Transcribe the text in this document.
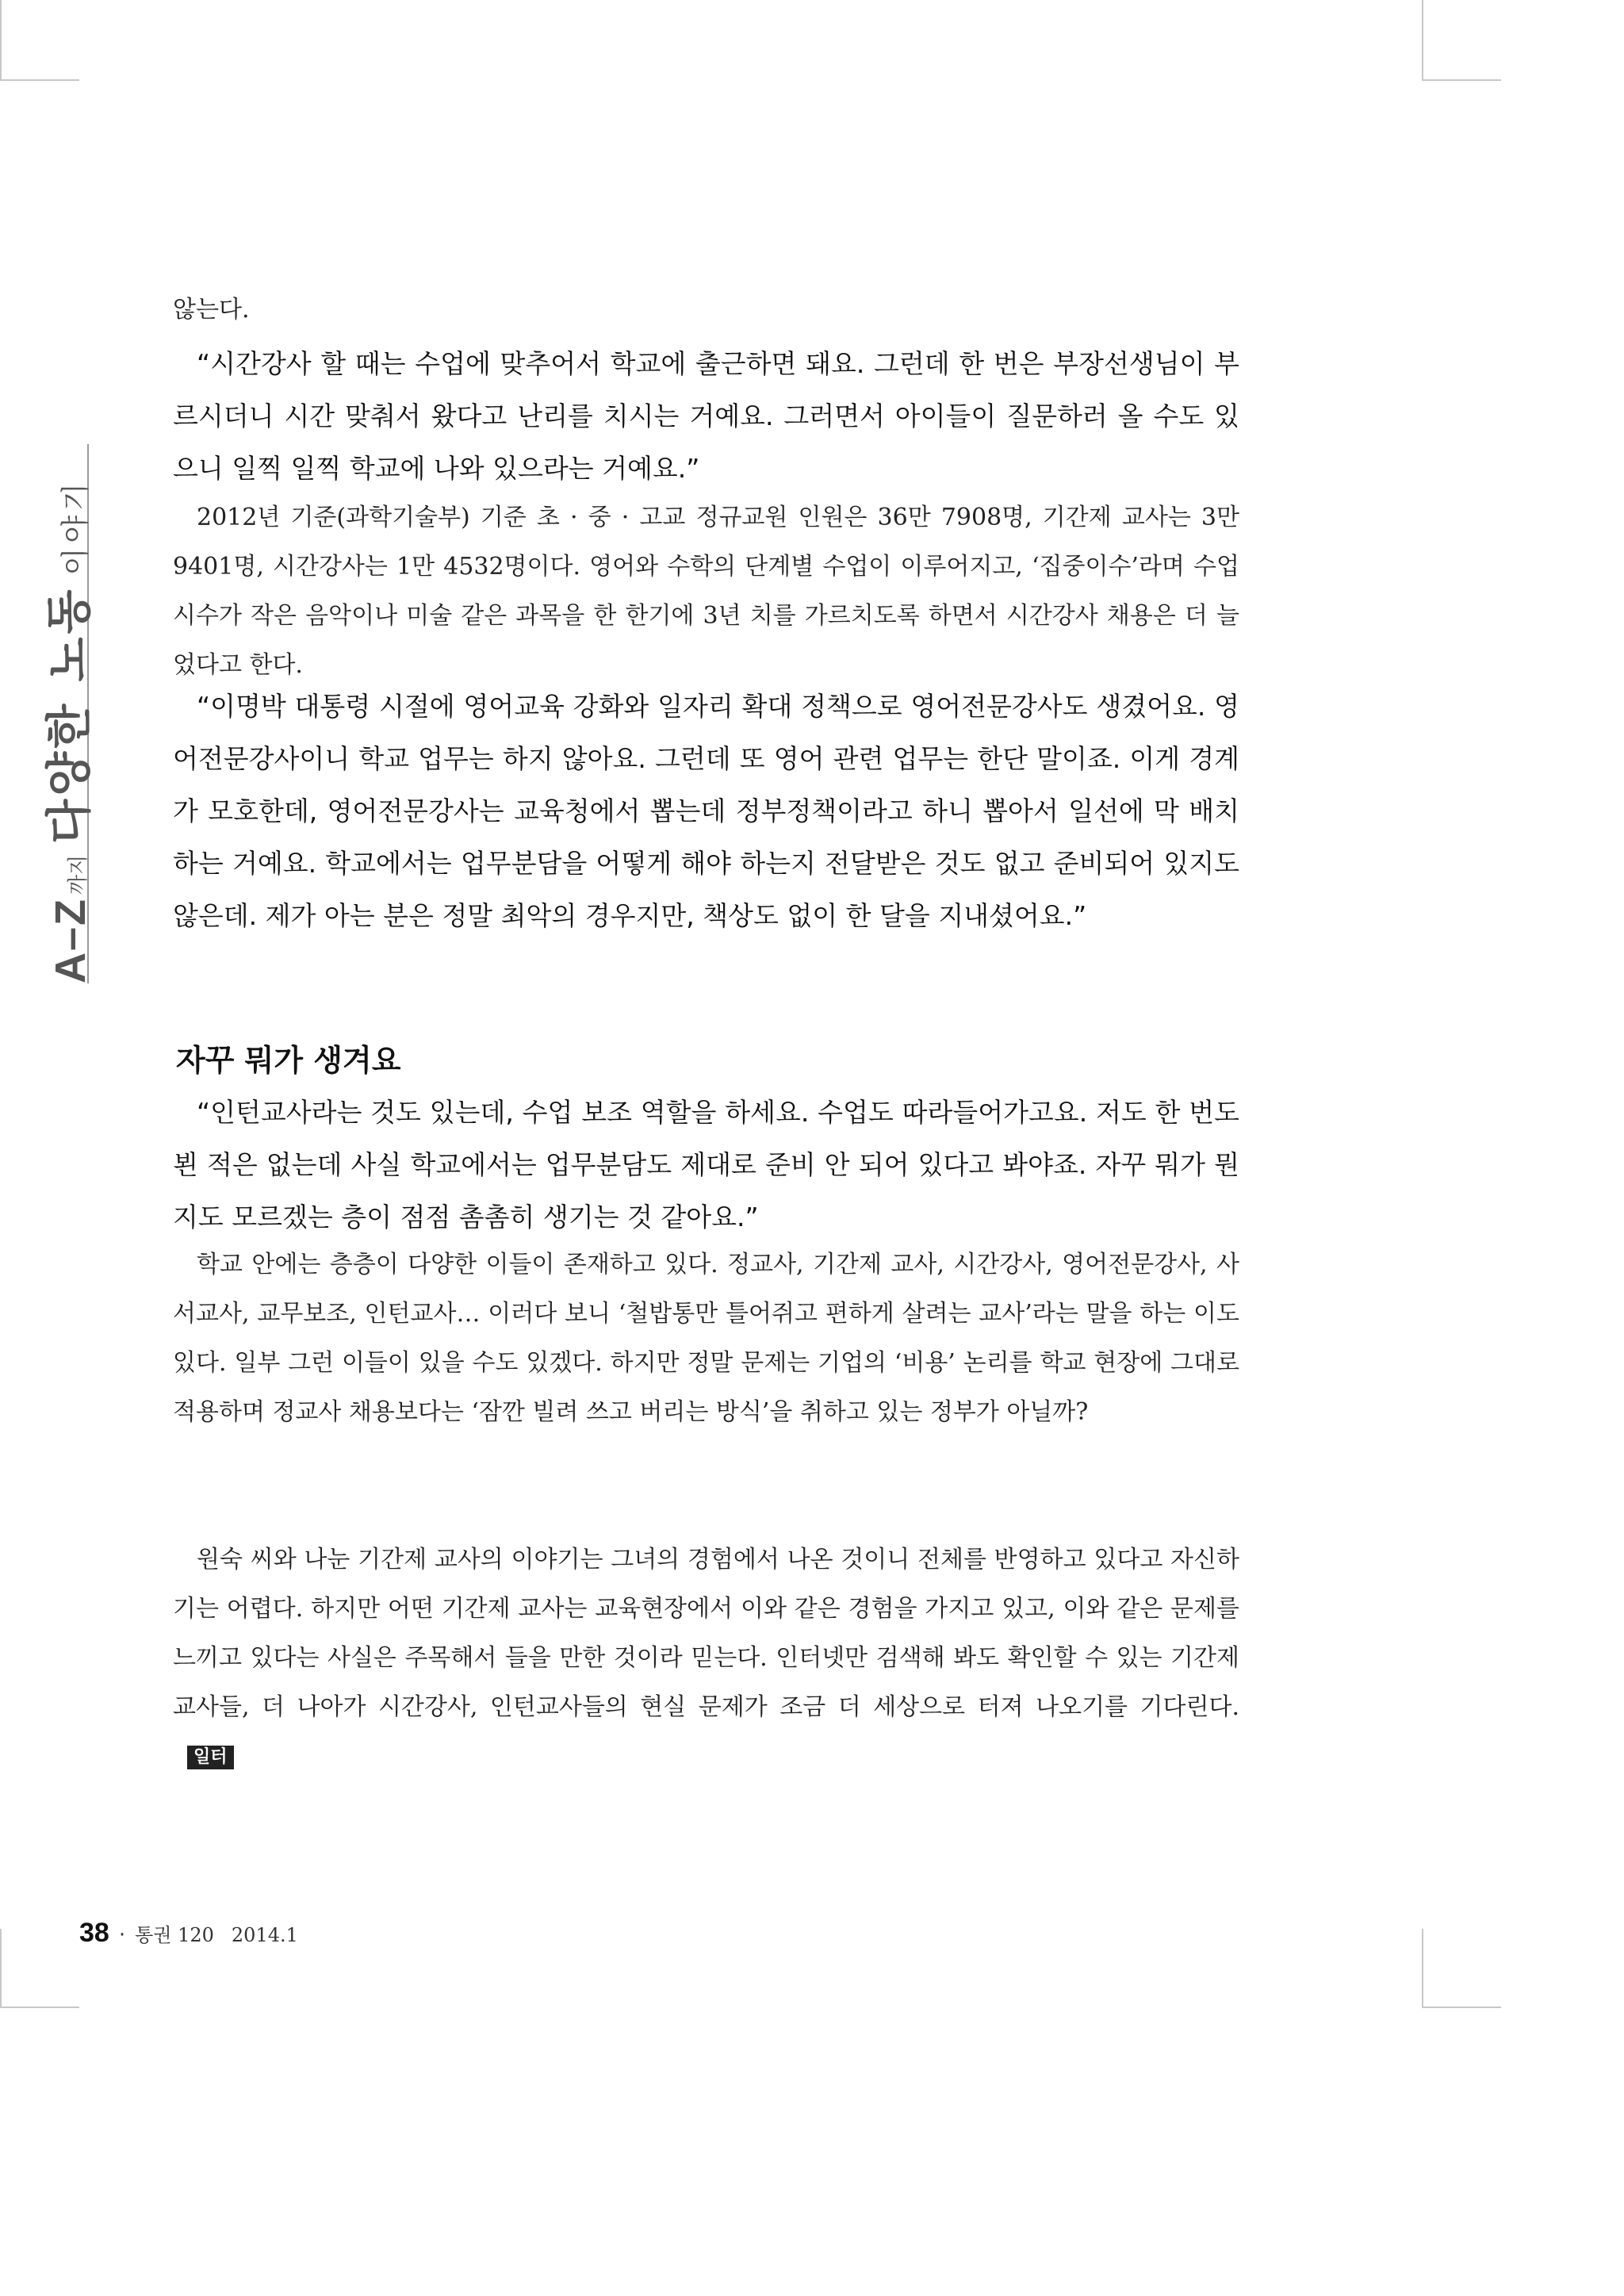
A–Z
까지
다양한 노동
이야기

않는다.

“시간강사 할 때는 수업에 맞추어서 학교에 출근하면 돼요. 그런데 한 번은 부장선생님이 부르시더니 시간 맞춰서 왔다고 난리를 치시는 거예요. 그러면서 아이들이 질문하러 올 수도 있으니 일찍 일찍 학교에 나와 있으라는 거예요.”

2012년 기준(과학기술부) 기준 초 · 중 · 고교 정규교원 인원은 36만 7908명, 기간제 교사는 3만 9401명, 시간강사는 1만 4532명이다. 영어와 수학의 단계별 수업이 이루어지고, ‘집중이수’라며 수업시수가 작은 음악이나 미술 같은 과목을 한 한기에 3년 치를 가르치도록 하면서 시간강사 채용은 더 늘었다고 한다.

“이명박 대통령 시절에 영어교육 강화와 일자리 확대 정책으로 영어전문강사도 생겼어요. 영어전문강사이니 학교 업무는 하지 않아요. 그런데 또 영어 관련 업무는 한단 말이죠. 이게 경계가 모호한데, 영어전문강사는 교육청에서 뽑는데 정부정책이라고 하니 뽑아서 일선에 막 배치하는 거예요. 학교에서는 업무분담을 어떻게 해야 하는지 전달받은 것도 없고 준비되어 있지도 않은데. 제가 아는 분은 정말 최악의 경우지만, 책상도 없이 한 달을 지내셨어요.”

자꾸 뭐가 생겨요

“인턴교사라는 것도 있는데, 수업 보조 역할을 하세요. 수업도 따라들어가고요. 저도 한 번도 뵌 적은 없는데 사실 학교에서는 업무분담도 제대로 준비 안 되어 있다고 봐야죠. 자꾸 뭐가 뭔지도 모르겠는 층이 점점 촘촘히 생기는 것 같아요.”

학교 안에는 층층이 다양한 이들이 존재하고 있다. 정교사, 기간제 교사, 시간강사, 영어전문강사, 사서교사, 교무보조, 인턴교사… 이러다 보니 ‘철밥통만 틀어쥐고 편하게 살려는 교사’라는 말을 하는 이도 있다. 일부 그런 이들이 있을 수도 있겠다. 하지만 정말 문제는 기업의 ‘비용’ 논리를 학교 현장에 그대로 적용하며 정교사 채용보다는 ‘잠깐 빌려 쓰고 버리는 방식’을 취하고 있는 정부가 아닐까?

원숙 씨와 나눈 기간제 교사의 이야기는 그녀의 경험에서 나온 것이니 전체를 반영하고 있다고 자신하기는 어렵다. 하지만 어떤 기간제 교사는 교육현장에서 이와 같은 경험을 가지고 있고, 이와 같은 문제를 느끼고 있다는 사실은 주목해서 들을 만한 것이라 믿는다. 인터넷만 검색해 봐도 확인할 수 있는 기간제 교사들, 더 나아가 시간강사, 인턴교사들의 현실 문제가 조금 더 세상으로 터져 나오기를 기다린다.일터

38 · 통권 120 2014.1
